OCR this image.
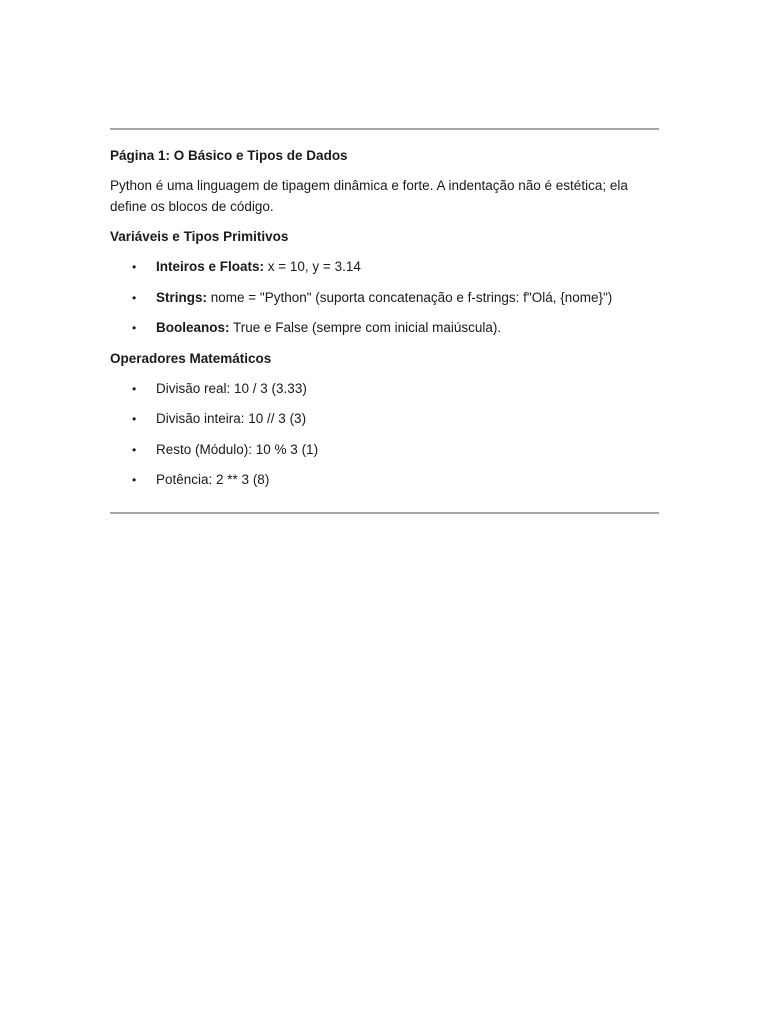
Página 1: O Básico e Tipos de Dados
Python é uma linguagem de tipagem dinâmica e forte. A indentação não é estética; ela define os blocos de código.
Variáveis e Tipos Primitivos
• Inteiros e Floats: x = 10, y = 3.14
• Strings: nome = "Python" (suporta concatenação e f-strings: f"Olá, {nome}")
• Booleanos: True e False (sempre com inicial maiúscula).
Operadores Matemáticos
• Divisão real: 10 / 3 (3.33)
• Divisão inteira: 10 // 3 (3)
• Resto (Módulo): 10 % 3 (1)
• Potência: 2 ** 3 (8)
